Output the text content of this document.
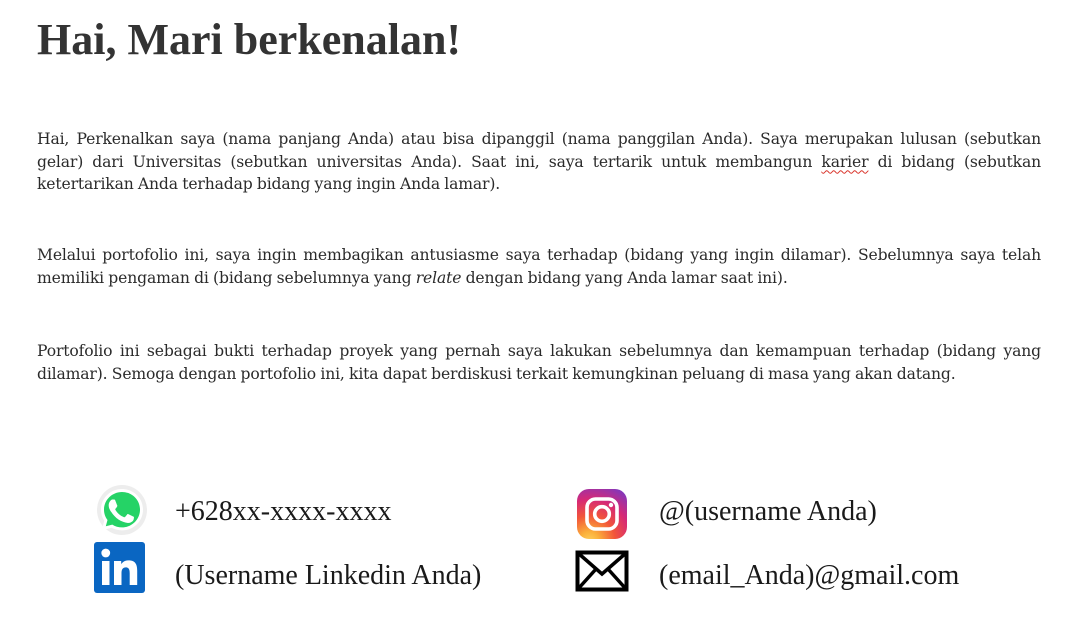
Hai, Mari berkenalan!

Hai, Perkenalkan saya (nama panjang Anda) atau bisa dipanggil (nama panggilan Anda). Saya merupakan lulusan (sebutkan gelar) dari Universitas (sebutkan universitas Anda). Saat ini, saya tertarik untuk membangun karier di bidang (sebutkan ketertarikan Anda terhadap bidang yang ingin Anda lamar).

Melalui portofolio ini, saya ingin membagikan antusiasme saya terhadap (bidang yang ingin dilamar). Sebelumnya saya telah memiliki pengaman di (bidang sebelumnya yang relate dengan bidang yang Anda lamar saat ini).

Portofolio ini sebagai bukti terhadap proyek yang pernah saya lakukan sebelumnya dan kemampuan terhadap (bidang yang dilamar). Semoga dengan portofolio ini, kita dapat berdiskusi terkait kemungkinan peluang di masa yang akan datang.

+628xx-xxxx-xxxx	@(username Anda)
(Username Linkedin Anda)	(email_Anda)@gmail.com
